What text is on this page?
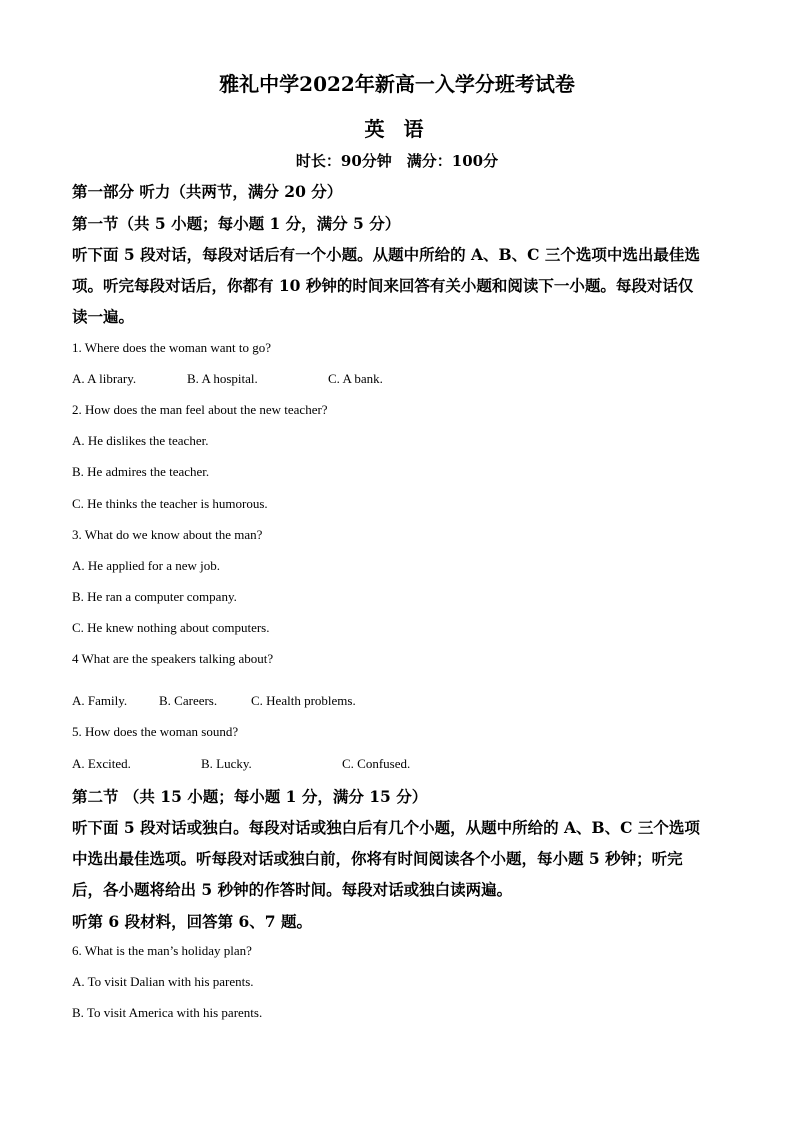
雅礼中学2022年新高一入学分班考试卷
英 语
时长：90分钟　满分：100分
第一部分 听力（共两节，满分 20 分）
第一节（共 5 小题；每小题 1 分，满分 5 分）
听下面 5 段对话，每段对话后有一个小题。从题中所给的 A、B、C 三个选项中选出最佳选
项。听完每段对话后，你都有 10 秒钟的时间来回答有关小题和阅读下一小题。每段对话仅
读一遍。
1. Where does the woman want to go?
A. A library.	B. A hospital.	C. A bank.
2. How does the man feel about the new teacher?
A. He dislikes the teacher.
B. He admires the teacher.
C. He thinks the teacher is humorous.
3. What do we know about the man?
A. He applied for a new job.
B. He ran a computer company.
C. He knew nothing about computers.
4 What are the speakers talking about?
A. Family. B. Careers.	C. Health problems.
5. How does the woman sound?
A. Excited.	B. Lucky.	C. Confused.
第二节 （共 15 小题；每小题 1 分，满分 15 分）
听下面 5 段对话或独白。每段对话或独白后有几个小题，从题中所给的 A、B、C 三个选项
中选出最佳选项。听每段对话或独白前，你将有时间阅读各个小题，每小题 5 秒钟；听完
后，各小题将给出 5 秒钟的作答时间。每段对话或独白读两遍。
听第 6 段材料，回答第 6、7 题。
6. What is the man’s holiday plan?
A. To visit Dalian with his parents.
B. To visit America with his parents.
